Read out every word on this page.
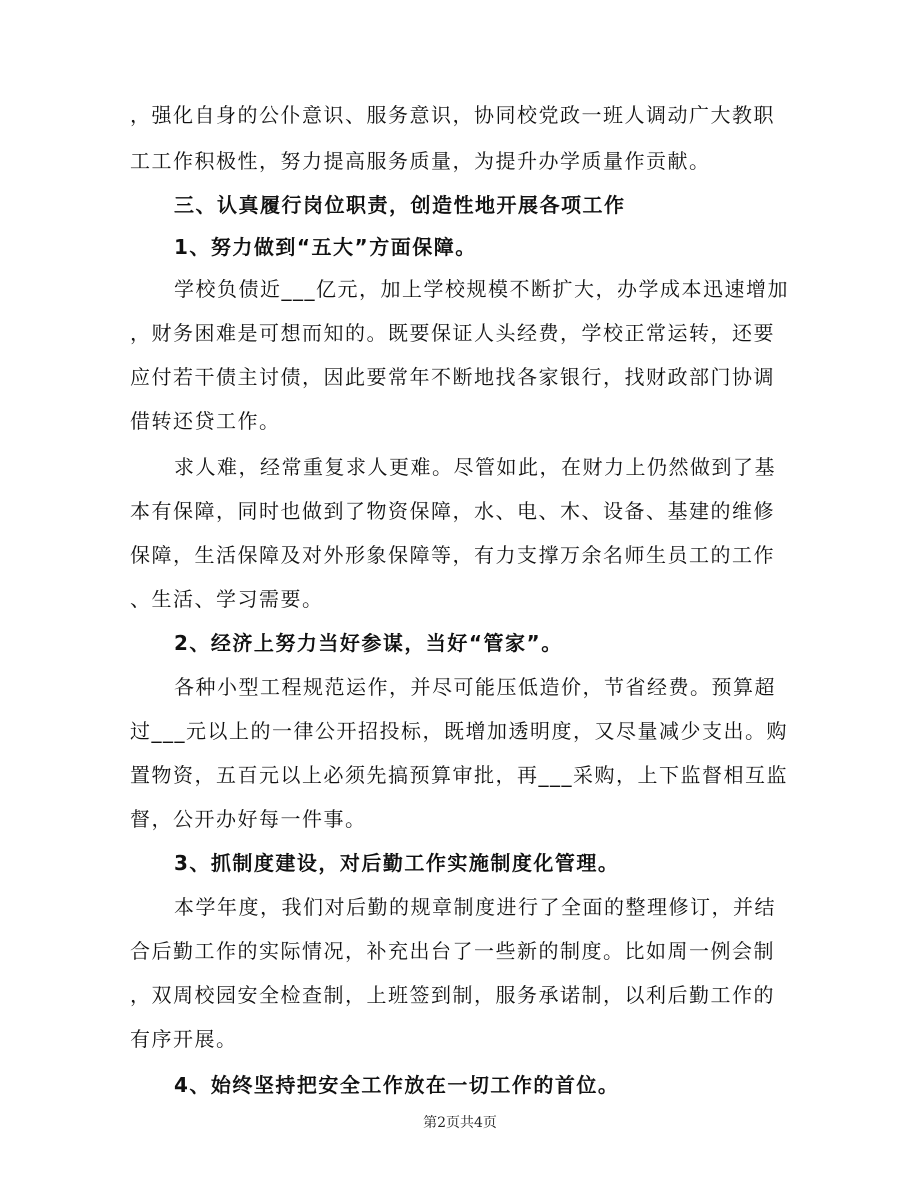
，强化自身的公仆意识、服务意识，协同校党政一班人调动广大教职
工工作积极性，努力提高服务质量，为提升办学质量作贡献。
三、认真履行岗位职责，创造性地开展各项工作
1、努力做到“五大”方面保障。
学校负债近___亿元，加上学校规模不断扩大，办学成本迅速增加
，财务困难是可想而知的。既要保证人头经费，学校正常运转，还要
应付若干债主讨债，因此要常年不断地找各家银行，找财政部门协调
借转还贷工作。
求人难，经常重复求人更难。尽管如此，在财力上仍然做到了基
本有保障，同时也做到了物资保障，水、电、木、设备、基建的维修
保障，生活保障及对外形象保障等，有力支撑万余名师生员工的工作
、生活、学习需要。
2、经济上努力当好参谋，当好“管家”。
各种小型工程规范运作，并尽可能压低造价，节省经费。预算超
过___元以上的一律公开招投标，既增加透明度，又尽量减少支出。购
置物资，五百元以上必须先搞预算审批，再___采购，上下监督相互监
督，公开办好每一件事。
3、抓制度建设，对后勤工作实施制度化管理。
本学年度，我们对后勤的规章制度进行了全面的整理修订，并结
合后勤工作的实际情况，补充出台了一些新的制度。比如周一例会制
，双周校园安全检查制，上班签到制，服务承诺制，以利后勤工作的
有序开展。
4、始终坚持把安全工作放在一切工作的首位。
第2页共4页
